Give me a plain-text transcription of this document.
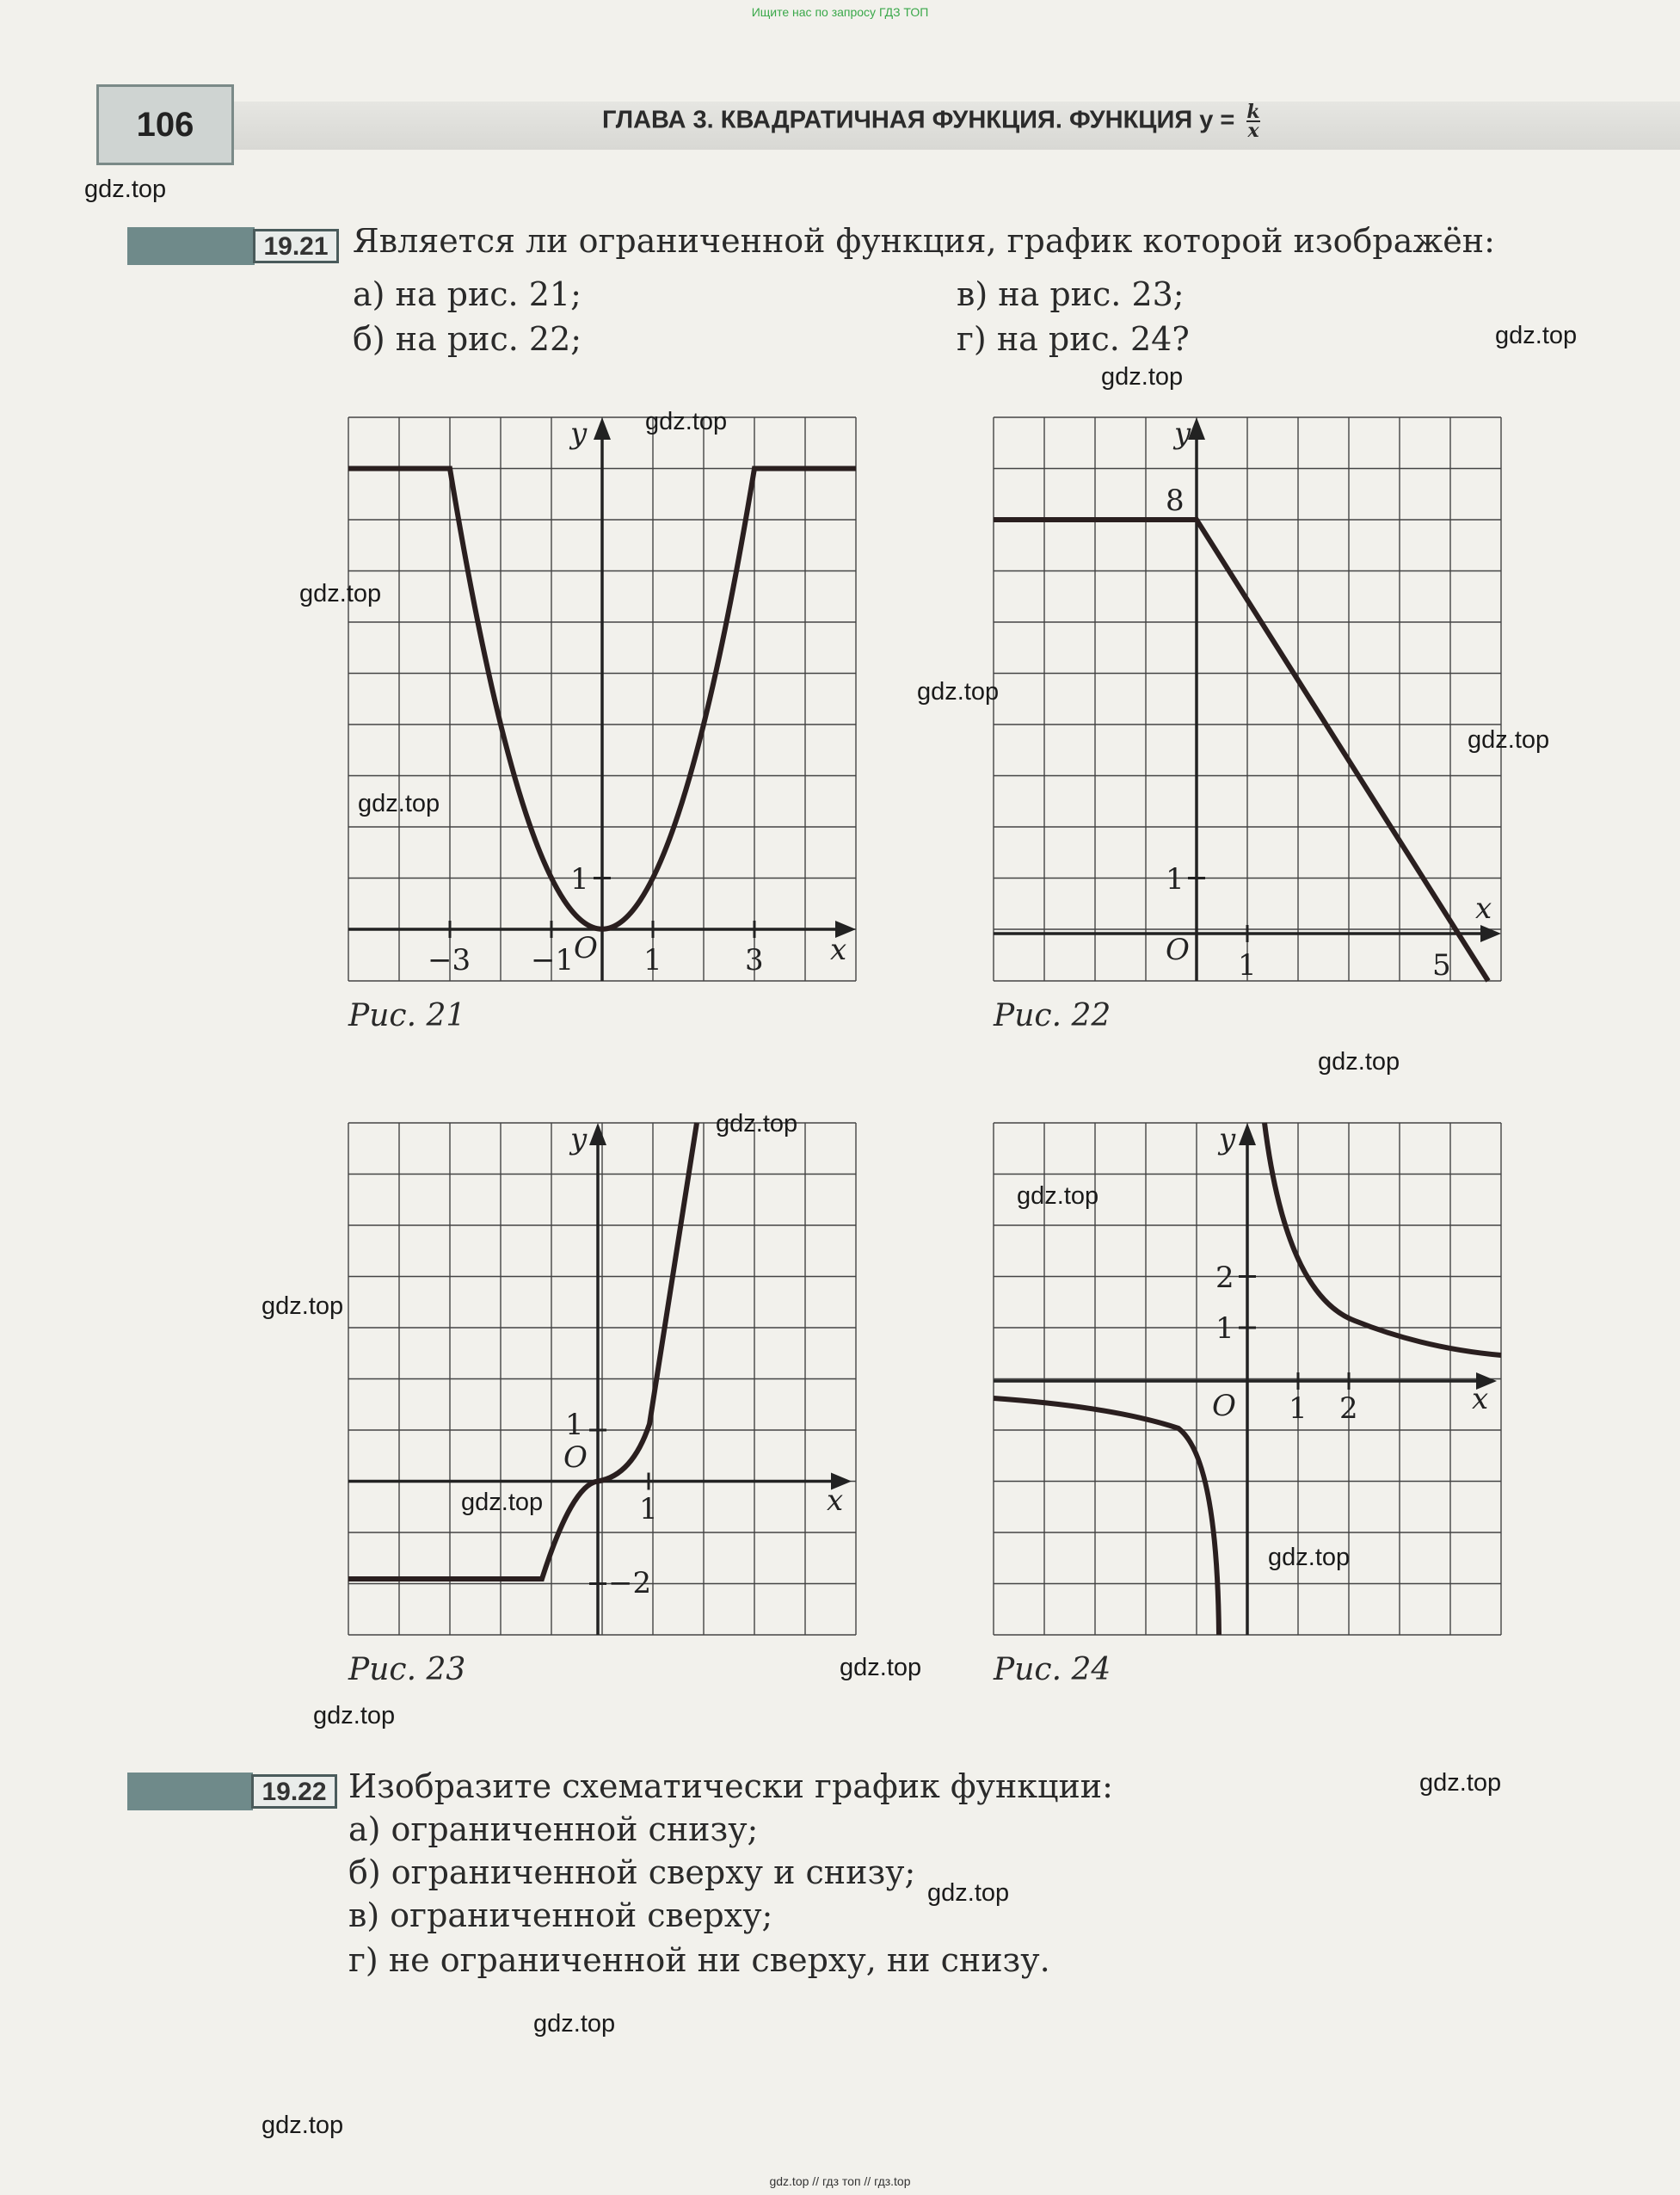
Ищите нас по запросу ГДЗ ТОП
106	ГЛАВА 3. КВАДРАТИЧНАЯ ФУНКЦИЯ. ФУНКЦИЯ $y = \frac{k}{x}$
19.21 Является ли ограниченной функция, график которой изображён:
а) на рис. 21;
б) на рис. 22;
в) на рис. 23;
г) на рис. 24?
y
x
O
−3 −1 1	3
1
Рис. 21
y
x
O 1	5
8
1
Рис. 22
y
x
O
1
1
−2
Рис. 23
y
x
O 1 2
2
1
Рис. 24
19.22 Изобразите схематически график функции:
а) ограниченной снизу;
б) ограниченной сверху и снизу;
в) ограниченной сверху;
г) не ограниченной ни сверху, ни снизу.
gdz.top
gdz.top
gdz.top
gdz.top
gdz.top
gdz.top
gdz.top
gdz.top
gdz.top
gdz.top
gdz.top
gdz.top
gdz.top
gdz.top
gdz.top
gdz.top
gdz.top
gdz.top
gdz.top
gdz.top
gdz.top // гдз топ // гдз.top
